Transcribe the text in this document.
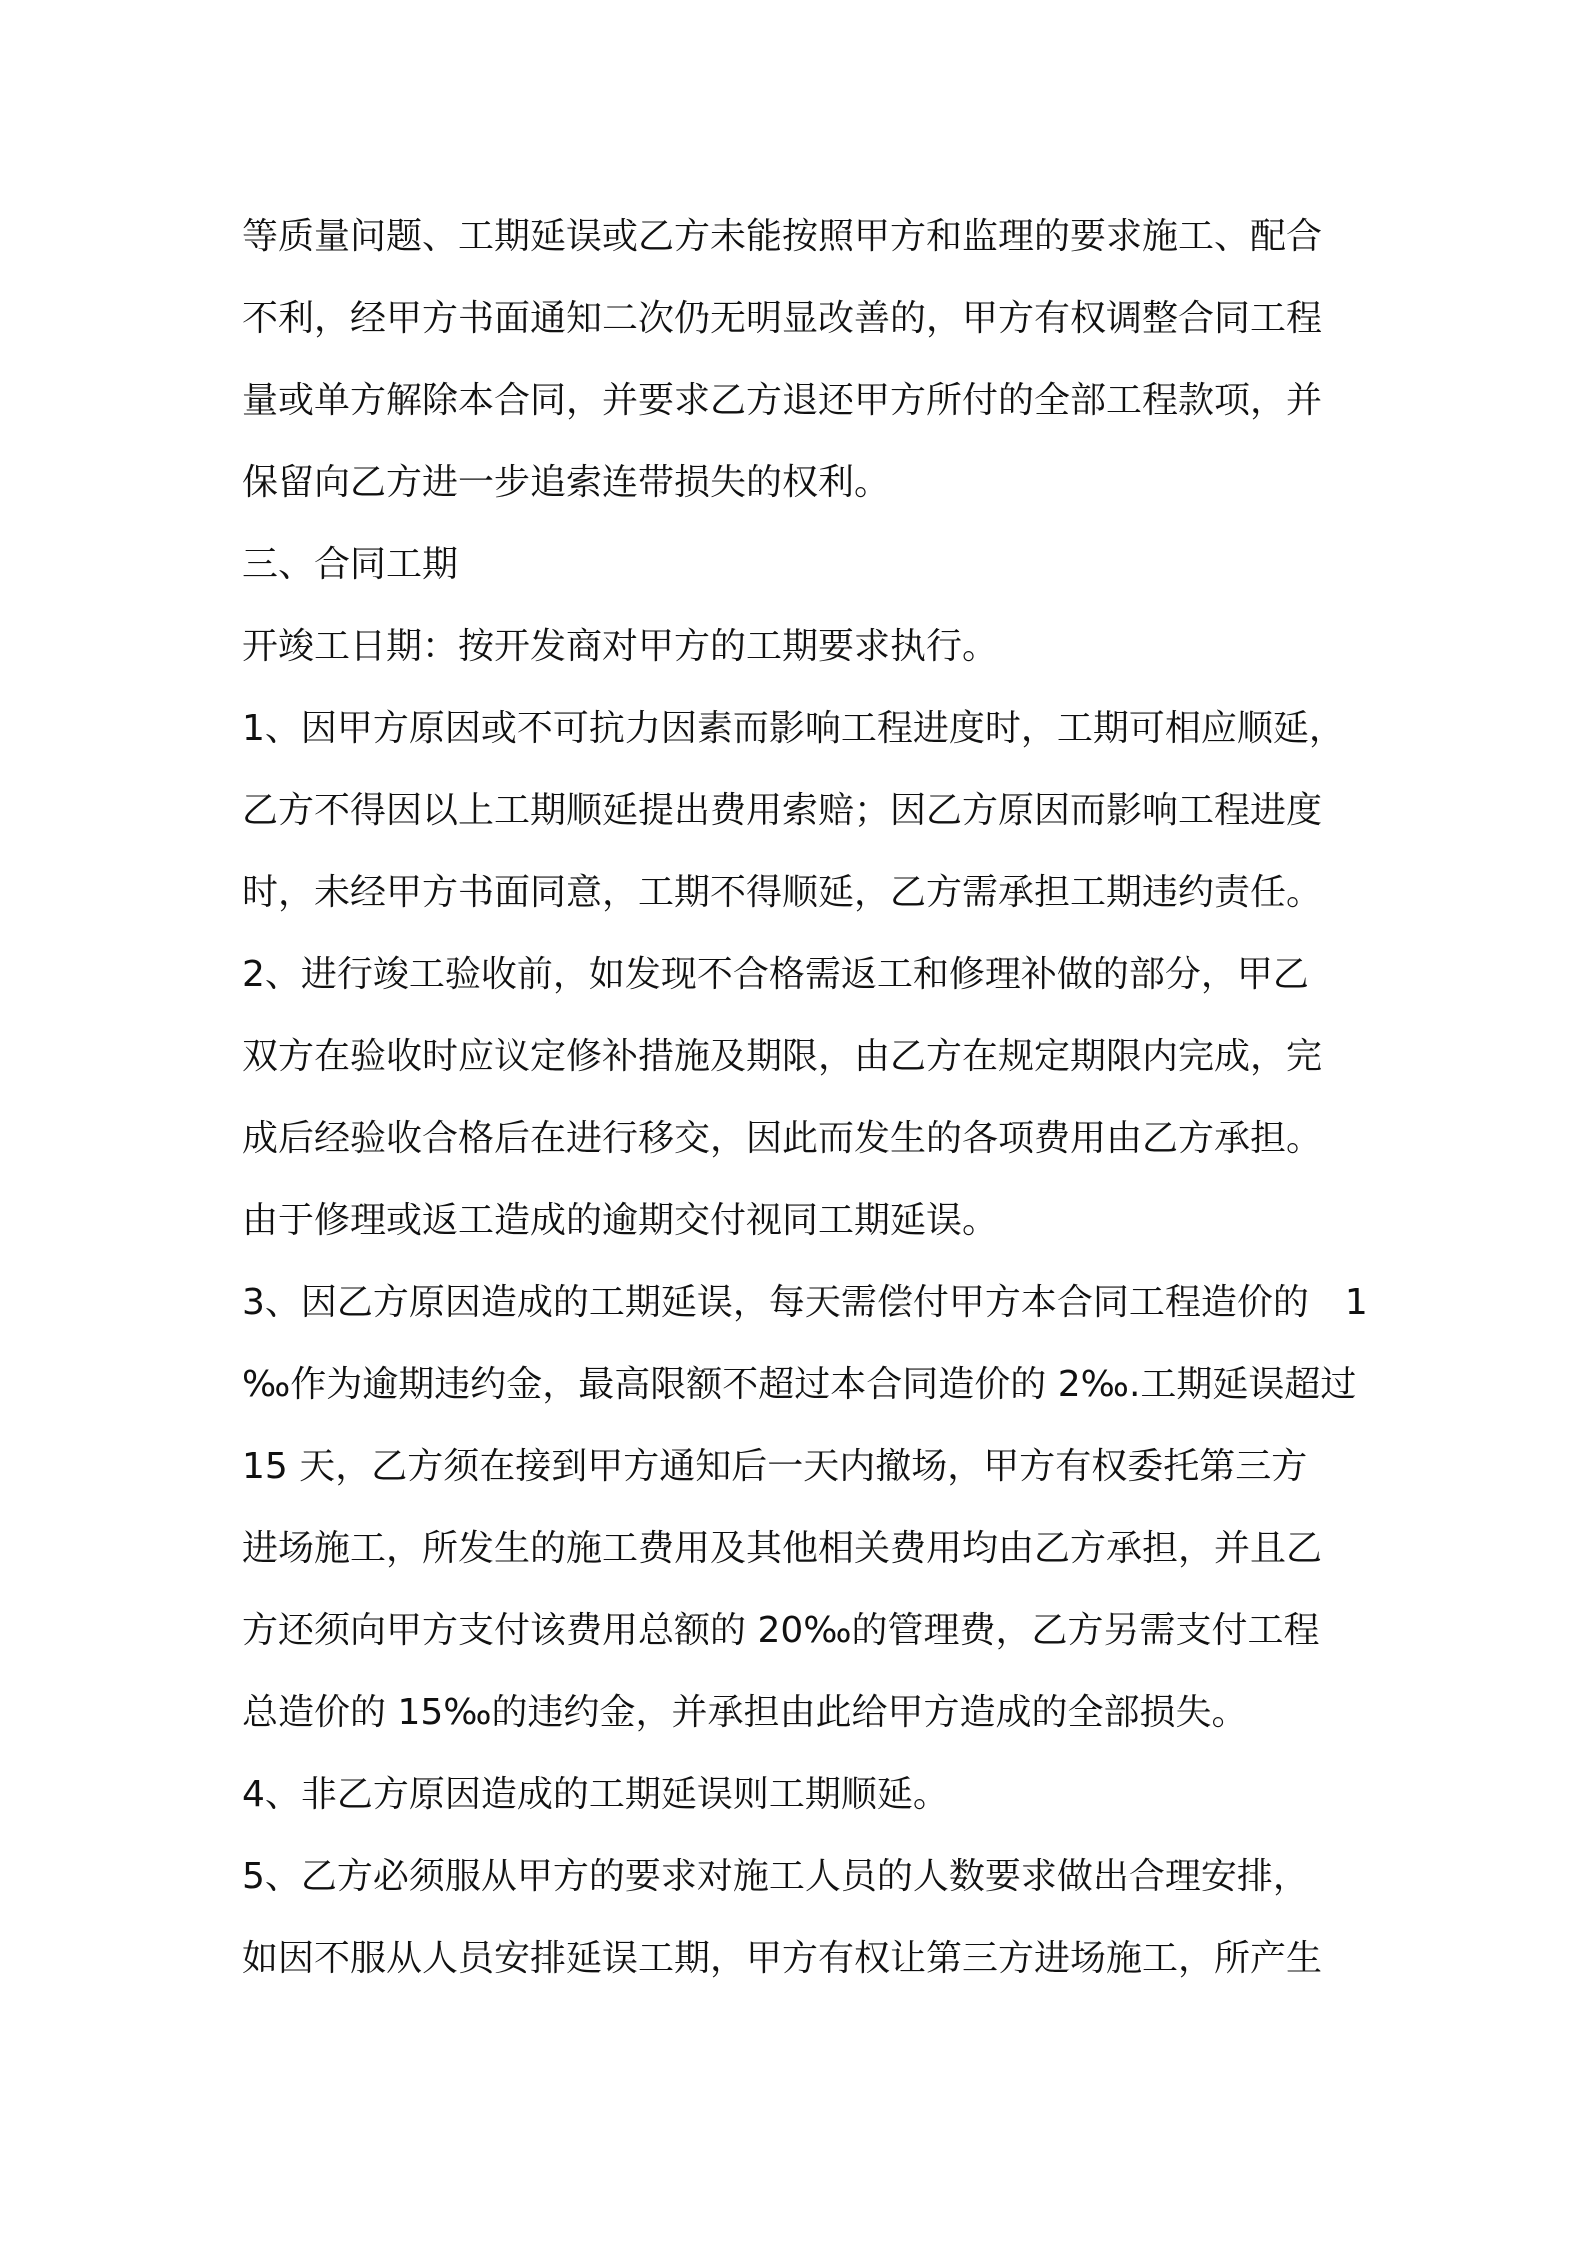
等质量问题、工期延误或乙方未能按照甲方和监理的要求施工、配合
不利，经甲方书面通知二次仍无明显改善的，甲方有权调整合同工程
量或单方解除本合同，并要求乙方退还甲方所付的全部工程款项，并
保留向乙方进一步追索连带损失的权利。
三、合同工期
开竣工日期：按开发商对甲方的工期要求执行。
1、因甲方原因或不可抗力因素而影响工程进度时，工期可相应顺延，
乙方不得因以上工期顺延提出费用索赔；因乙方原因而影响工程进度
时，未经甲方书面同意，工期不得顺延，乙方需承担工期违约责任。
2、进行竣工验收前，如发现不合格需返工和修理补做的部分，甲乙
双方在验收时应议定修补措施及期限，由乙方在规定期限内完成，完
成后经验收合格后在进行移交，因此而发生的各项费用由乙方承担。
由于修理或返工造成的逾期交付视同工期延误。
3、因乙方原因造成的工期延误，每天需偿付甲方本合同工程造价的　1
‰作为逾期违约金，最高限额不超过本合同造价的 2‰.工期延误超过
15 天，乙方须在接到甲方通知后一天内撤场，甲方有权委托第三方
进场施工，所发生的施工费用及其他相关费用均由乙方承担，并且乙
方还须向甲方支付该费用总额的 20‰的管理费，乙方另需支付工程
总造价的 15‰的违约金，并承担由此给甲方造成的全部损失。
4、非乙方原因造成的工期延误则工期顺延。
5、乙方必须服从甲方的要求对施工人员的人数要求做出合理安排，
如因不服从人员安排延误工期，甲方有权让第三方进场施工，所产生
